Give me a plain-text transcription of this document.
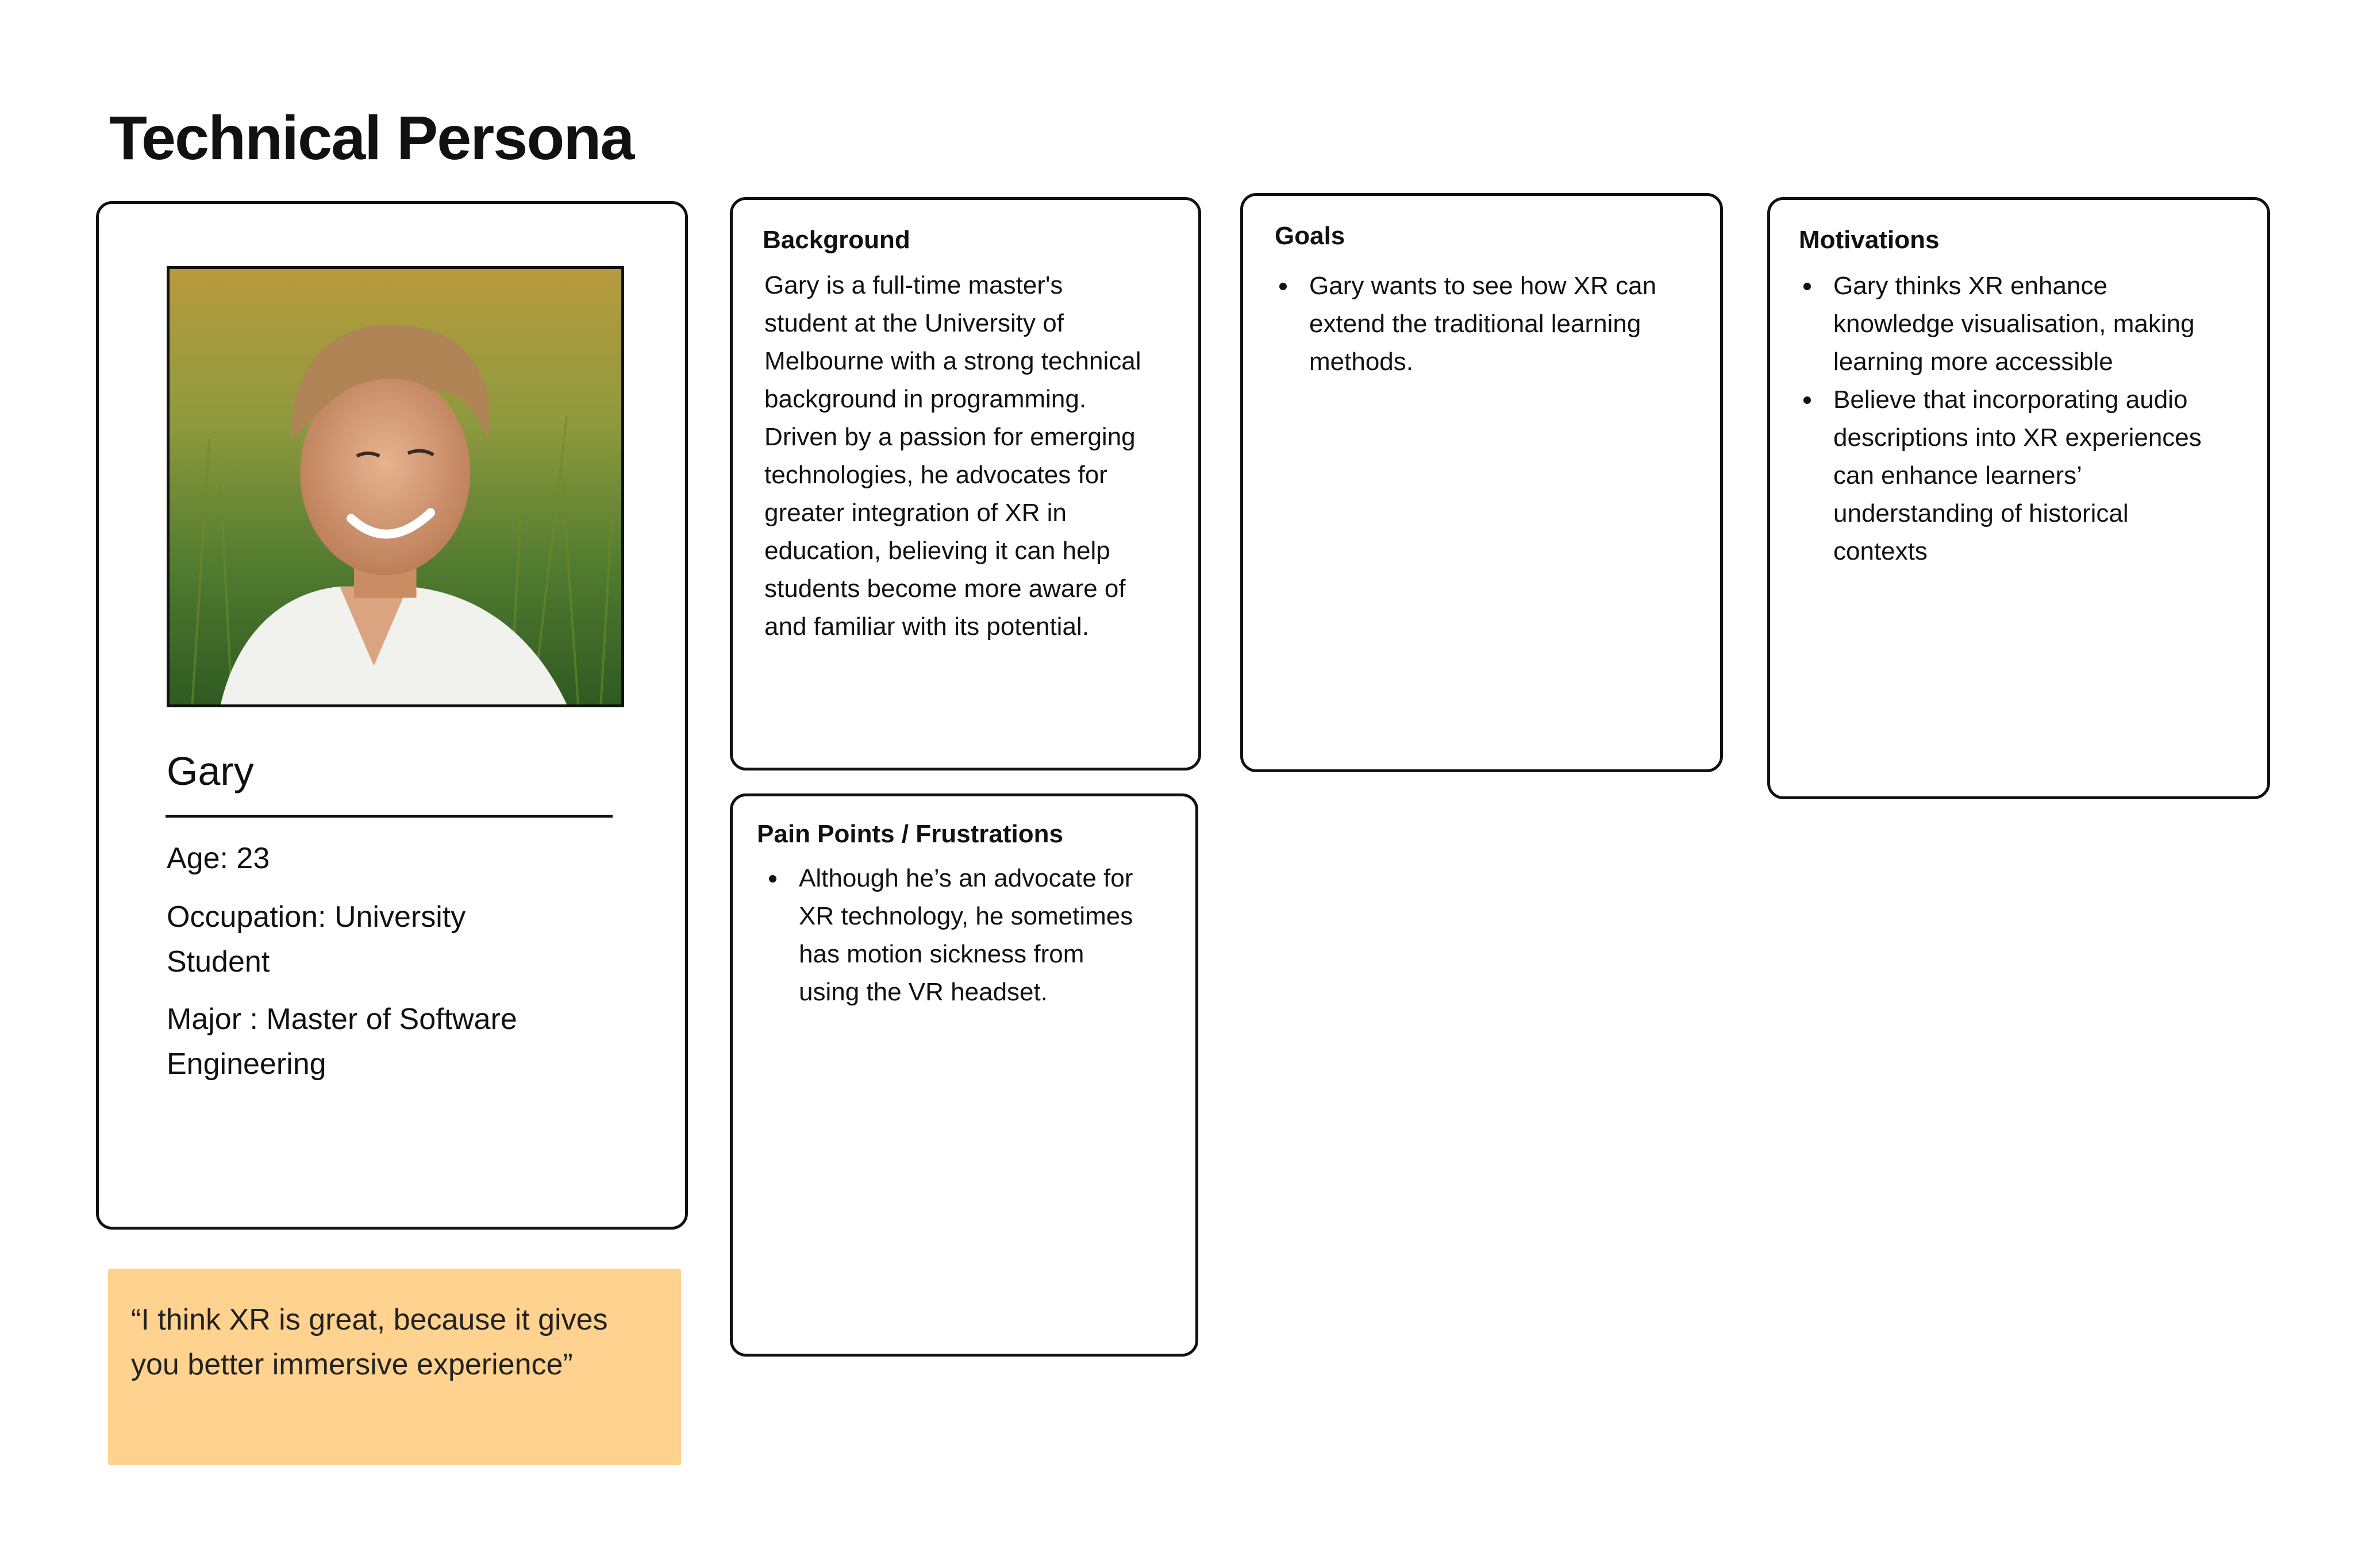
Technical Persona
Gary
Age: 23
Occupation: University Student
Major : Master of Software Engineering
“I think XR is great, because it gives you better immersive experience”
Background
Gary is a full-time master's student at the University of Melbourne with a strong technical background in programming. Driven by a passion for emerging technologies, he advocates for greater integration of XR in education, believing it can help students become more aware of and familiar with its potential.
Goals
Gary wants to see how XR can extend the traditional learning methods.
Motivations
Gary thinks XR enhance knowledge visualisation, making learning more accessible
Believe that incorporating audio descriptions into XR experiences can enhance learners’ understanding of historical contexts
Pain Points / Frustrations
Although he’s an advocate for XR technology, he sometimes has motion sickness from using the VR headset.
